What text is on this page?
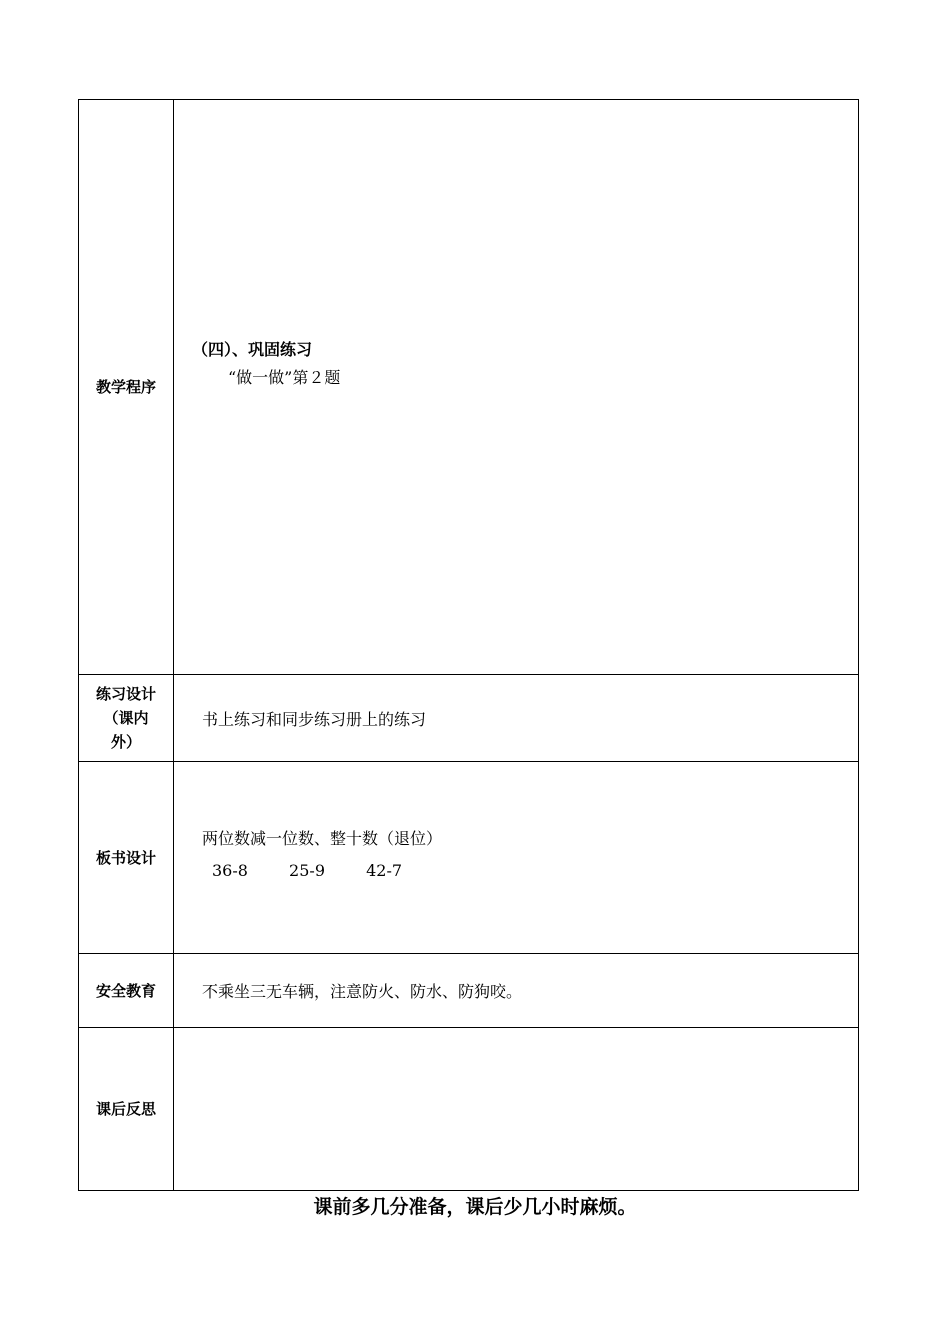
教学程序	（四）、巩固练习
“做一做”第２题

练习设计
（课内
外）	书上练习和同步练习册上的练习
板书设计	两位数减一位数、整十数（退位）
36-8 25-9 42-7

安全教育	不乘坐三无车辆，注意防火、防水、防狗咬。
课后反思	
课前多几分准备，课后少几小时麻烦。
